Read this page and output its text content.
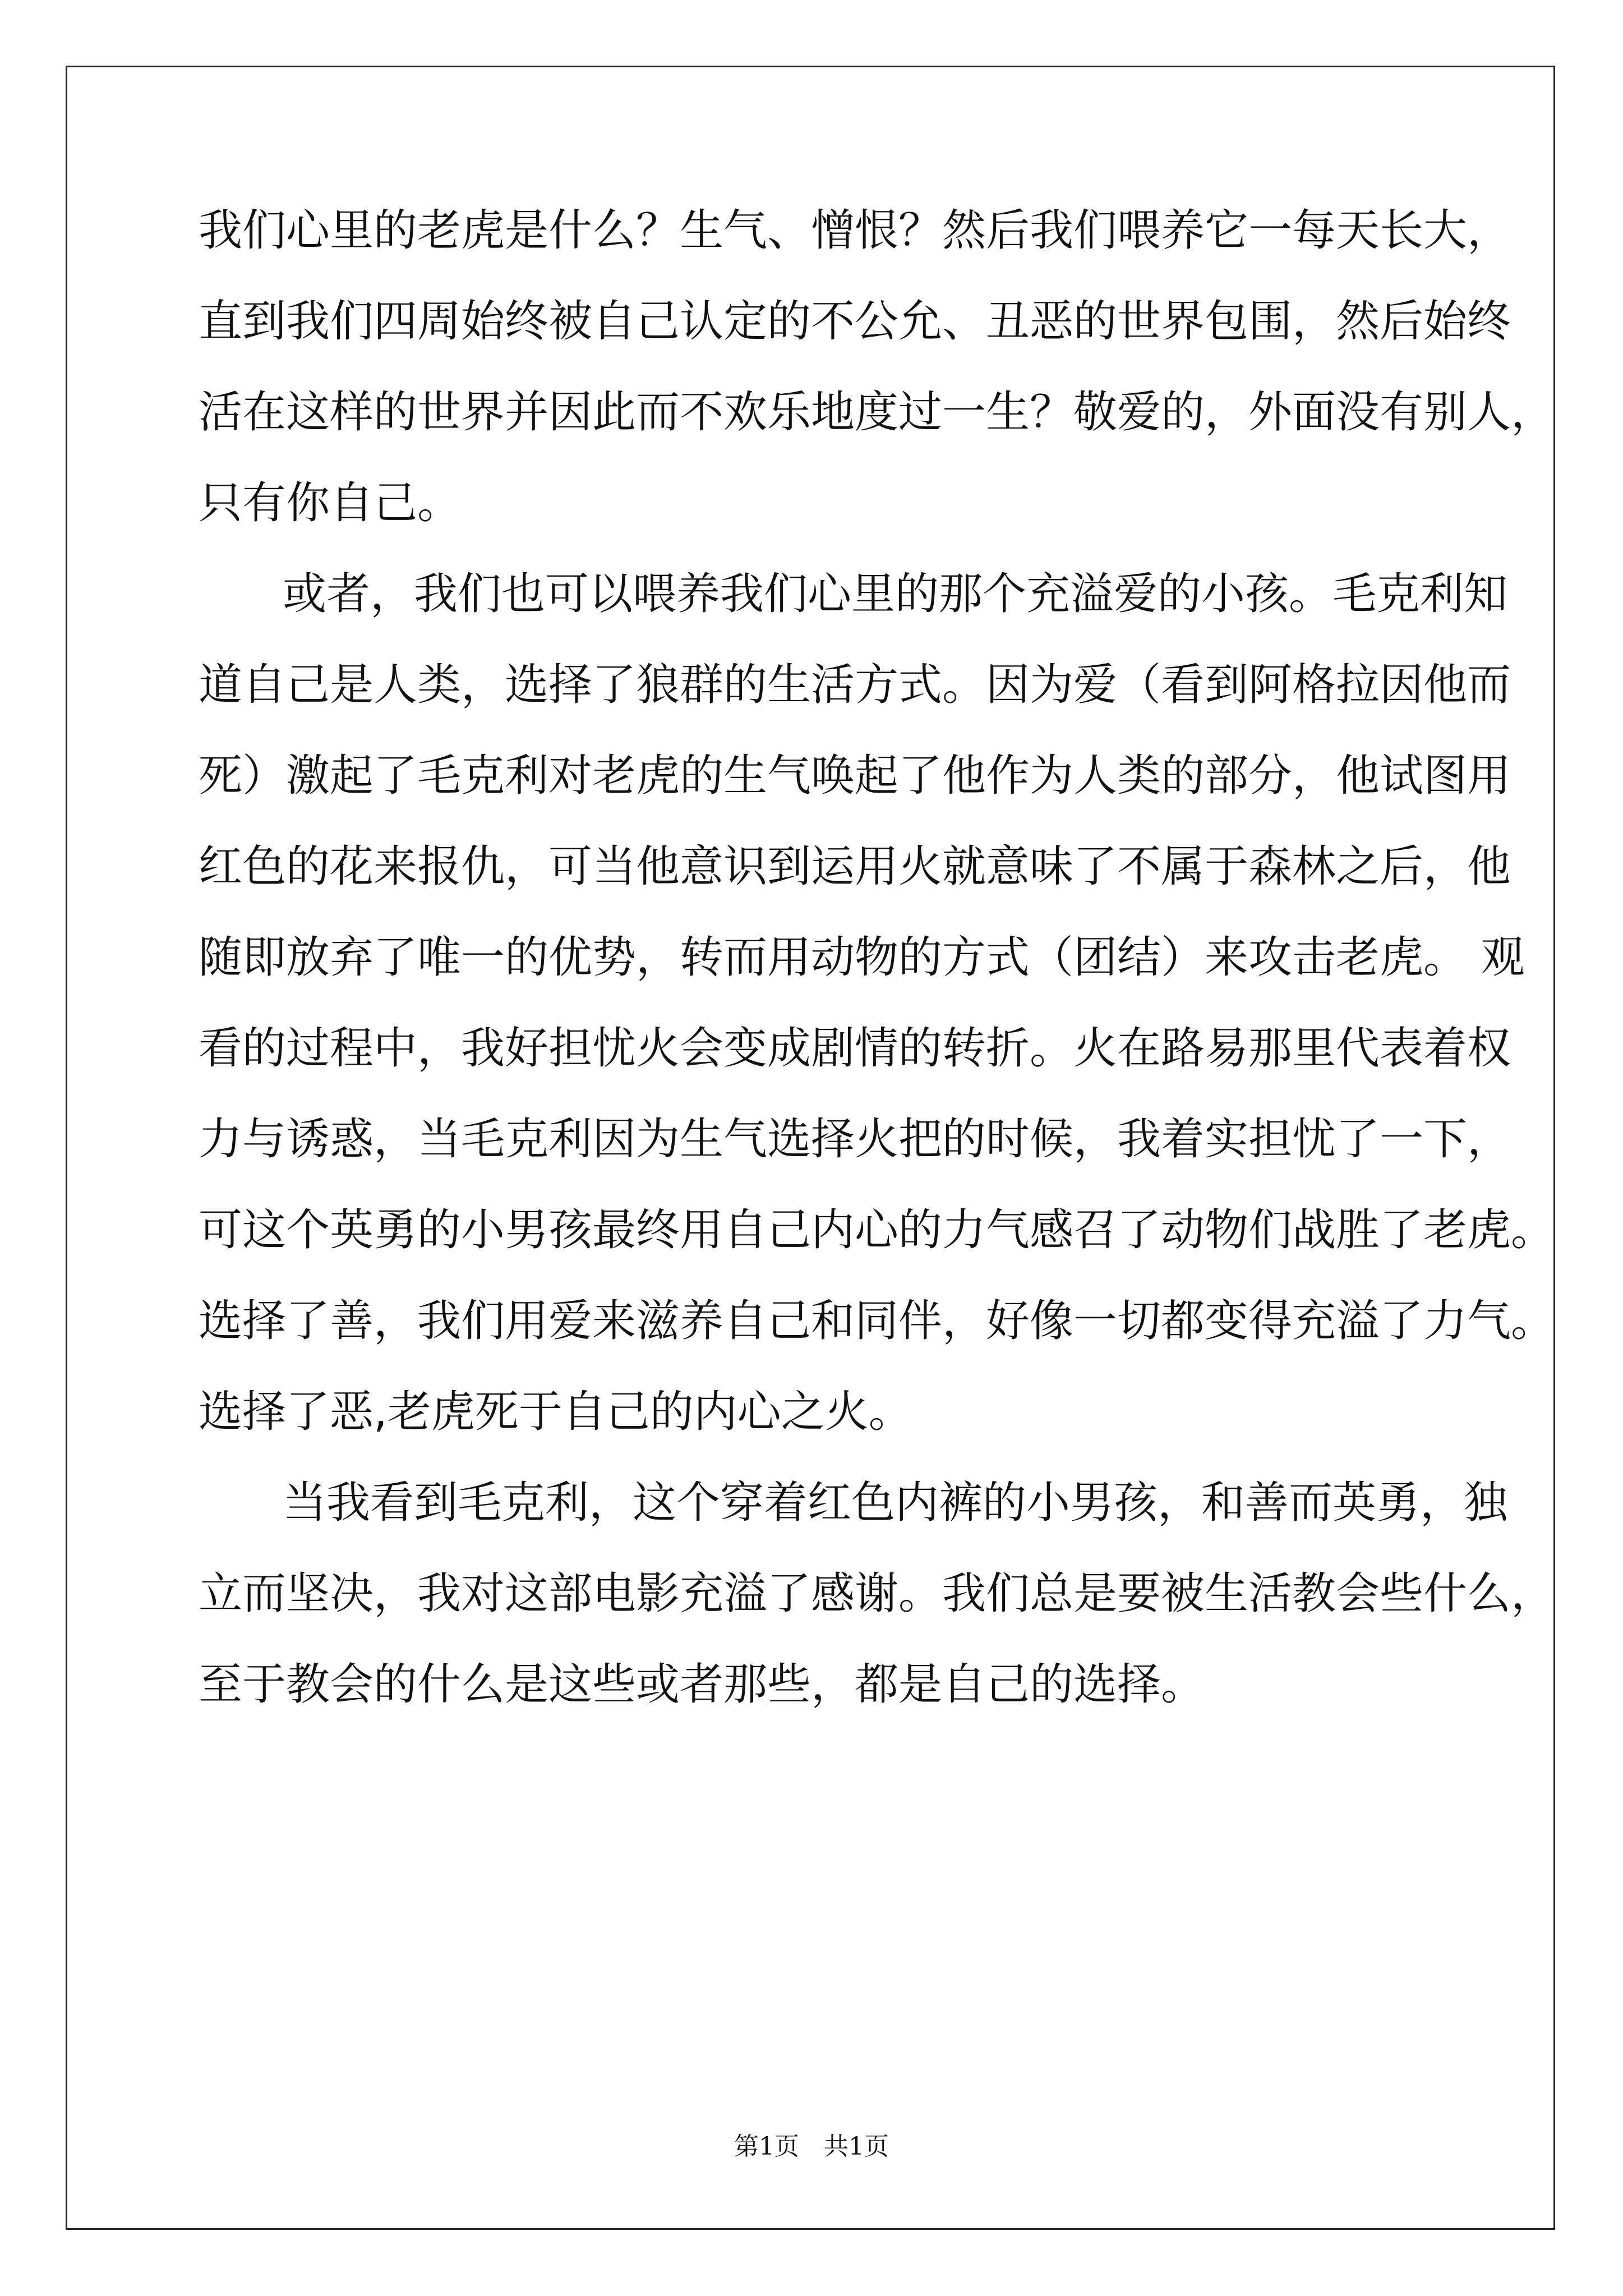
我们心里的老虎是什么？生气、憎恨？然后我们喂养它一每天长大，
直到我们四周始终被自己认定的不公允、丑恶的世界包围，然后始终
活在这样的世界并因此而不欢乐地度过一生？敬爱的，外面没有别人，
只有你自己。
或者，我们也可以喂养我们心里的那个充溢爱的小孩。毛克利知
道自己是人类，选择了狼群的生活方式。因为爱（看到阿格拉因他而
死）激起了毛克利对老虎的生气唤起了他作为人类的部分，他试图用
红色的花来报仇，可当他意识到运用火就意味了不属于森林之后，他
随即放弃了唯一的优势，转而用动物的方式（团结）来攻击老虎。 观
看的过程中，我好担忧火会变成剧情的转折。火在路易那里代表着权
力与诱惑，当毛克利因为生气选择火把的时候，我着实担忧了一下，
可这个英勇的小男孩最终用自己内心的力气感召了动物们战胜了老虎。
选择了善，我们用爱来滋养自己和同伴，好像一切都变得充溢了力气。
选择了恶,老虎死于自己的内心之火。
当我看到毛克利，这个穿着红色内裤的小男孩，和善而英勇，独
立而坚决，我对这部电影充溢了感谢。我们总是要被生活教会些什么，
至于教会的什么是这些或者那些，都是自己的选择。
第1页　共1页
